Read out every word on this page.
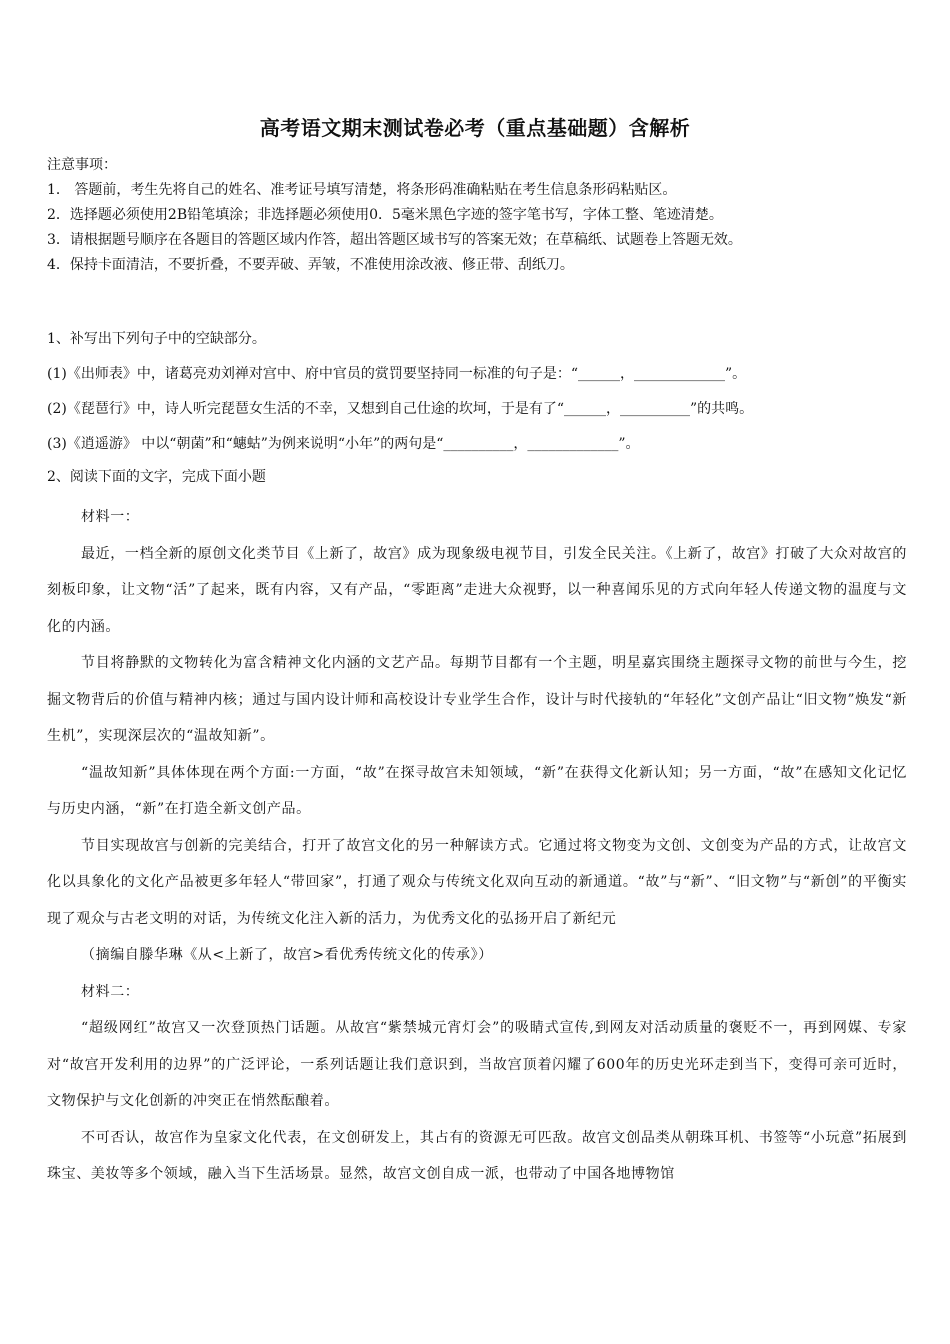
高考语文期末测试卷必考（重点基础题）含解析
注意事项：
1． 答题前，考生先将自己的姓名、准考证号填写清楚，将条形码准确粘贴在考生信息条形码粘贴区。
2．选择题必须使用2B铅笔填涂；非选择题必须使用0．5毫米黑色字迹的签字笔书写，字体工整、笔迹清楚。
3．请根据题号顺序在各题目的答题区域内作答，超出答题区域书写的答案无效；在草稿纸、试题卷上答题无效。
4．保持卡面清洁，不要折叠，不要弄破、弄皱，不准使用涂改液、修正带、刮纸刀。
1、补写出下列句子中的空缺部分。
(1)《出师表》中，诸葛亮劝刘禅对宫中、府中官员的赏罚要坚持同一标准的句子是：“______，_____________”。
(2)《琵琶行》中，诗人听完琵琶女生活的不幸，又想到自己仕途的坎坷，于是有了“______，__________”的共鸣。
(3)《逍遥游》 中以“朝菌”和“蟪蛄”为例来说明“小年”的两句是“__________，_____________”。
2、阅读下面的文字，完成下面小题

材料一：

最近，一档全新的原创文化类节目《上新了，故宫》成为现象级电视节目，引发全民关注。《上新了，故宫》打破了大众对故宫的刻板印象，让文物“活”了起来，既有内容，又有产品，“零距离”走进大众视野，以一种喜闻乐见的方式向年轻人传递文物的温度与文化的内涵。

节目将静默的文物转化为富含精神文化内涵的文艺产品。每期节目都有一个主题，明星嘉宾围绕主题探寻文物的前世与今生，挖掘文物背后的价值与精神内核；通过与国内设计师和高校设计专业学生合作，设计与时代接轨的“年轻化”文创产品让“旧文物”焕发“新生机”，实现深层次的“温故知新”。

“温故知新”具体体现在两个方面:一方面，“故”在探寻故宫未知领域，“新”在获得文化新认知；另一方面，“故”在感知文化记忆与历史内涵，“新”在打造全新文创产品。

节目实现故宫与创新的完美结合，打开了故宫文化的另一种解读方式。它通过将文物变为文创、文创变为产品的方式，让故宫文化以具象化的文化产品被更多年轻人“带回家”，打通了观众与传统文化双向互动的新通道。“故”与“新”、“旧文物”与“新创”的平衡实现了观众与古老文明的对话，为传统文化注入新的活力，为优秀文化的弘扬开启了新纪元

（摘编自滕华琳《从<上新了，故宫>看优秀传统文化的传承》）

材料二：

“超级网红”故宫又一次登顶热门话题。从故宫“紫禁城元宵灯会”的吸睛式宣传,到网友对活动质量的褒贬不一，再到网媒、专家对“故宫开发利用的边界”的广泛评论，一系列话题让我们意识到，当故宫顶着闪耀了600年的历史光环走到当下，变得可亲可近时，文物保护与文化创新的冲突正在悄然酝酿着。

不可否认，故宫作为皇家文化代表，在文创研发上，其占有的资源无可匹敌。故宫文创品类从朝珠耳机、书签等“小玩意”拓展到珠宝、美妆等多个领域，融入当下生活场景。显然，故宫文创自成一派，也带动了中国各地博物馆
